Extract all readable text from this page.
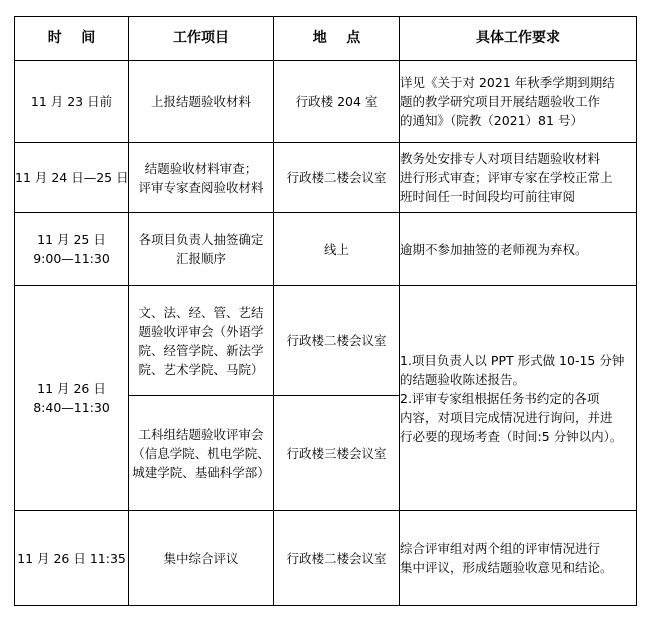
时    间	工作项目	地    点	具体工作要求

11 月 23 日前	上报结题验收材料	行政楼 204 室	详见《关于对 2021 年秋季学期到期结
题的教学研究项目开展结题验收工作
的通知》（院教（2021）81 号）

11 月 24 日—25 日	结题验收材料审查；
评审专家查阅验收材料	行政楼二楼会议室	教务处安排专人对项目结题验收材料
进行形式审查；评审专家在学校正常上
班时间任一时间段均可前往审阅

11 月 25 日
9:00—11:30	各项目负责人抽签确定
汇报顺序	线上	逾期不参加抽签的老师视为弃权。

11 月 26 日
8:40—11:30	文、法、经、管、艺结
题验收评审会（外语学
院、经管学院、新法学
院、艺术学院、马院）	行政楼二楼会议室	1.项目负责人以 PPT 形式做 10-15 分钟
的结题验收陈述报告。
2.评审专家组根据任务书约定的各项
内容，对项目完成情况进行询问，并进
行必要的现场考查（时间:5 分钟以内）。

	工科组结题验收评审会
（信息学院、机电学院、
城建学院、基础科学部）	行政楼三楼会议室	

11 月 26 日 11:35	集中综合评议	行政楼二楼会议室	综合评审组对两个组的评审情况进行
集中评议，形成结题验收意见和结论。
